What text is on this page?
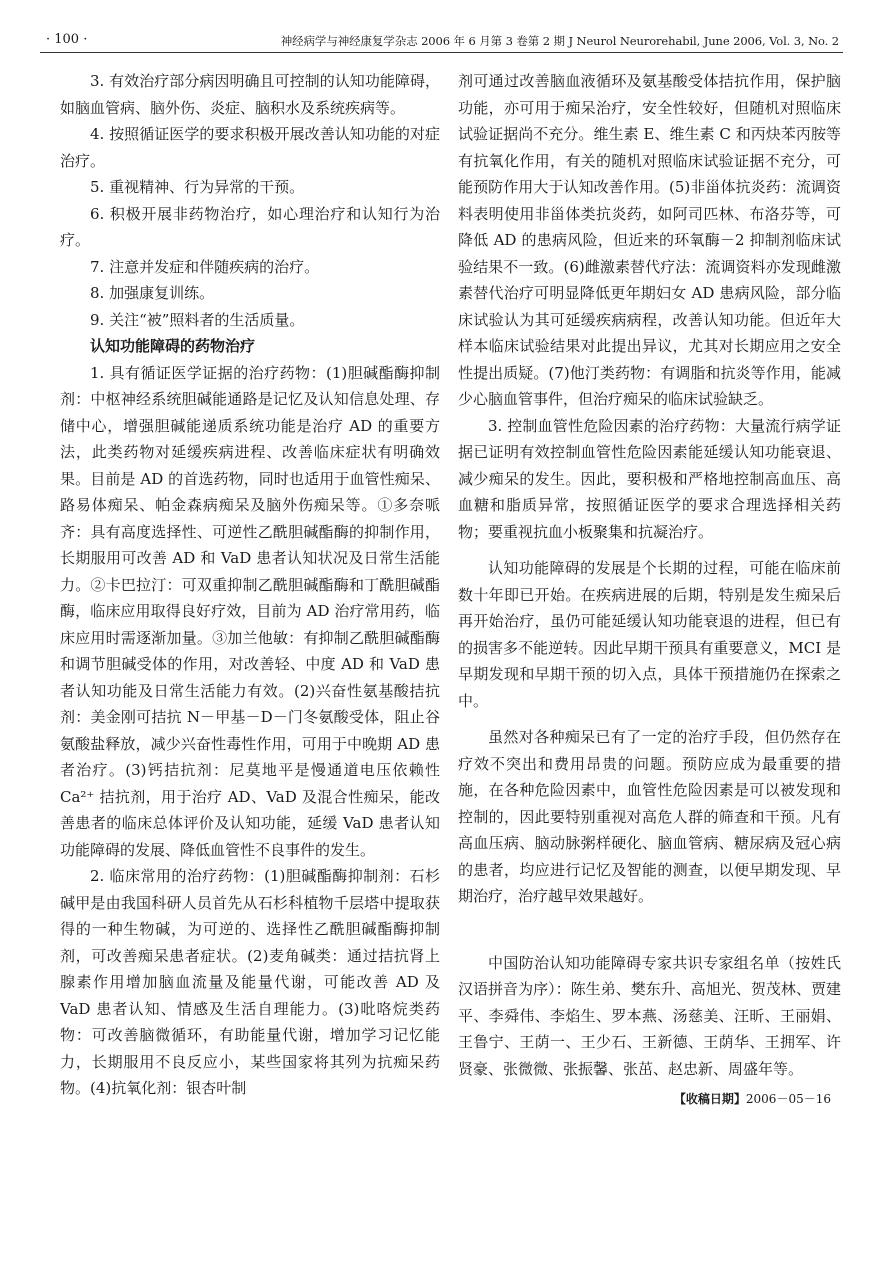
· 100 ·	神经病学与神经康复学杂志 2006 年 6 月第 3 卷第 2 期 J Neurol Neurorehabil, June 2006, Vol. 3, No. 2

3. 有效治疗部分病因明确且可控制的认知功能障碍，如脑血管病、脑外伤、炎症、脑积水及系统疾病等。

4. 按照循证医学的要求积极开展改善认知功能的对症治疗。

5. 重视精神、行为异常的干预。

6. 积极开展非药物治疗，如心理治疗和认知行为治疗。

7. 注意并发症和伴随疾病的治疗。

8. 加强康复训练。

9. 关注“被”照料者的生活质量。

认知功能障碍的药物治疗

1. 具有循证医学证据的治疗药物：(1)胆碱酯酶抑制剂：中枢神经系统胆碱能通路是记忆及认知信息处理、存储中心，增强胆碱能递质系统功能是治疗 AD 的重要方法，此类药物对延缓疾病进程、改善临床症状有明确效果。目前是 AD 的首选药物，同时也适用于血管性痴呆、路易体痴呆、帕金森病痴呆及脑外伤痴呆等。①多奈哌齐：具有高度选择性、可逆性乙酰胆碱酯酶的抑制作用，长期服用可改善 AD 和 VaD 患者认知状况及日常生活能力。②卡巴拉汀：可双重抑制乙酰胆碱酯酶和丁酰胆碱酯酶，临床应用取得良好疗效，目前为 AD 治疗常用药，临床应用时需逐渐加量。③加兰他敏：有抑制乙酰胆碱酯酶和调节胆碱受体的作用，对改善轻、中度 AD 和 VaD 患者认知功能及日常生活能力有效。(2)兴奋性氨基酸拮抗剂：美金刚可拮抗 N－甲基－D－门冬氨酸受体，阻止谷氨酸盐释放，减少兴奋性毒性作用，可用于中晚期 AD 患者治疗。(3)钙拮抗剂：尼莫地平是慢通道电压依赖性 Ca²⁺ 拮抗剂，用于治疗 AD、VaD 及混合性痴呆，能改善患者的临床总体评价及认知功能，延缓 VaD 患者认知功能障碍的发展、降低血管性不良事件的发生。

2. 临床常用的治疗药物：(1)胆碱酯酶抑制剂：石杉碱甲是由我国科研人员首先从石杉科植物千层塔中提取获得的一种生物碱，为可逆的、选择性乙酰胆碱酯酶抑制剂，可改善痴呆患者症状。(2)麦角碱类：通过拮抗肾上腺素作用增加脑血流量及能量代谢，可能改善 AD 及 VaD 患者认知、情感及生活自理能力。(3)吡咯烷类药物：可改善脑微循环，有助能量代谢，增加学习记忆能力，长期服用不良反应小，某些国家将其列为抗痴呆药物。(4)抗氧化剂：银杏叶制

剂可通过改善脑血液循环及氨基酸受体拮抗作用，保护脑功能，亦可用于痴呆治疗，安全性较好，但随机对照临床试验证据尚不充分。维生素 E、维生素 C 和丙炔苯丙胺等有抗氧化作用，有关的随机对照临床试验证据不充分，可能预防作用大于认知改善作用。(5)非甾体抗炎药：流调资料表明使用非甾体类抗炎药，如阿司匹林、布洛芬等，可降低 AD 的患病风险，但近来的环氧酶－2 抑制剂临床试验结果不一致。(6)雌激素替代疗法：流调资料亦发现雌激素替代治疗可明显降低更年期妇女 AD 患病风险，部分临床试验认为其可延缓疾病病程，改善认知功能。但近年大样本临床试验结果对此提出异议，尤其对长期应用之安全性提出质疑。(7)他汀类药物：有调脂和抗炎等作用，能减少心脑血管事件，但治疗痴呆的临床试验缺乏。

3. 控制血管性危险因素的治疗药物：大量流行病学证据已证明有效控制血管性危险因素能延缓认知功能衰退、减少痴呆的发生。因此，要积极和严格地控制高血压、高血糖和脂质异常，按照循证医学的要求合理选择相关药物；要重视抗血小板聚集和抗凝治疗。

认知功能障碍的发展是个长期的过程，可能在临床前数十年即已开始。在疾病进展的后期，特别是发生痴呆后再开始治疗，虽仍可能延缓认知功能衰退的进程，但已有的损害多不能逆转。因此早期干预具有重要意义，MCI 是早期发现和早期干预的切入点，具体干预措施仍在探索之中。

虽然对各种痴呆已有了一定的治疗手段，但仍然存在疗效不突出和费用昂贵的问题。预防应成为最重要的措施，在各种危险因素中，血管性危险因素是可以被发现和控制的，因此要特别重视对高危人群的筛查和干预。凡有高血压病、脑动脉粥样硬化、脑血管病、糖尿病及冠心病的患者，均应进行记忆及智能的测查，以便早期发现、早期治疗，治疗越早效果越好。

中国防治认知功能障碍专家共识专家组名单（按姓氏汉语拼音为序）：陈生弟、樊东升、高旭光、贺茂林、贾建平、李舜伟、李焰生、罗本燕、汤慈美、汪昕、王丽娟、王鲁宁、王荫一、王少石、王新德、王荫华、王拥军、许贤豪、张微微、张振馨、张茁、赵忠新、周盛年等。

【收稿日期】2006－05－16
